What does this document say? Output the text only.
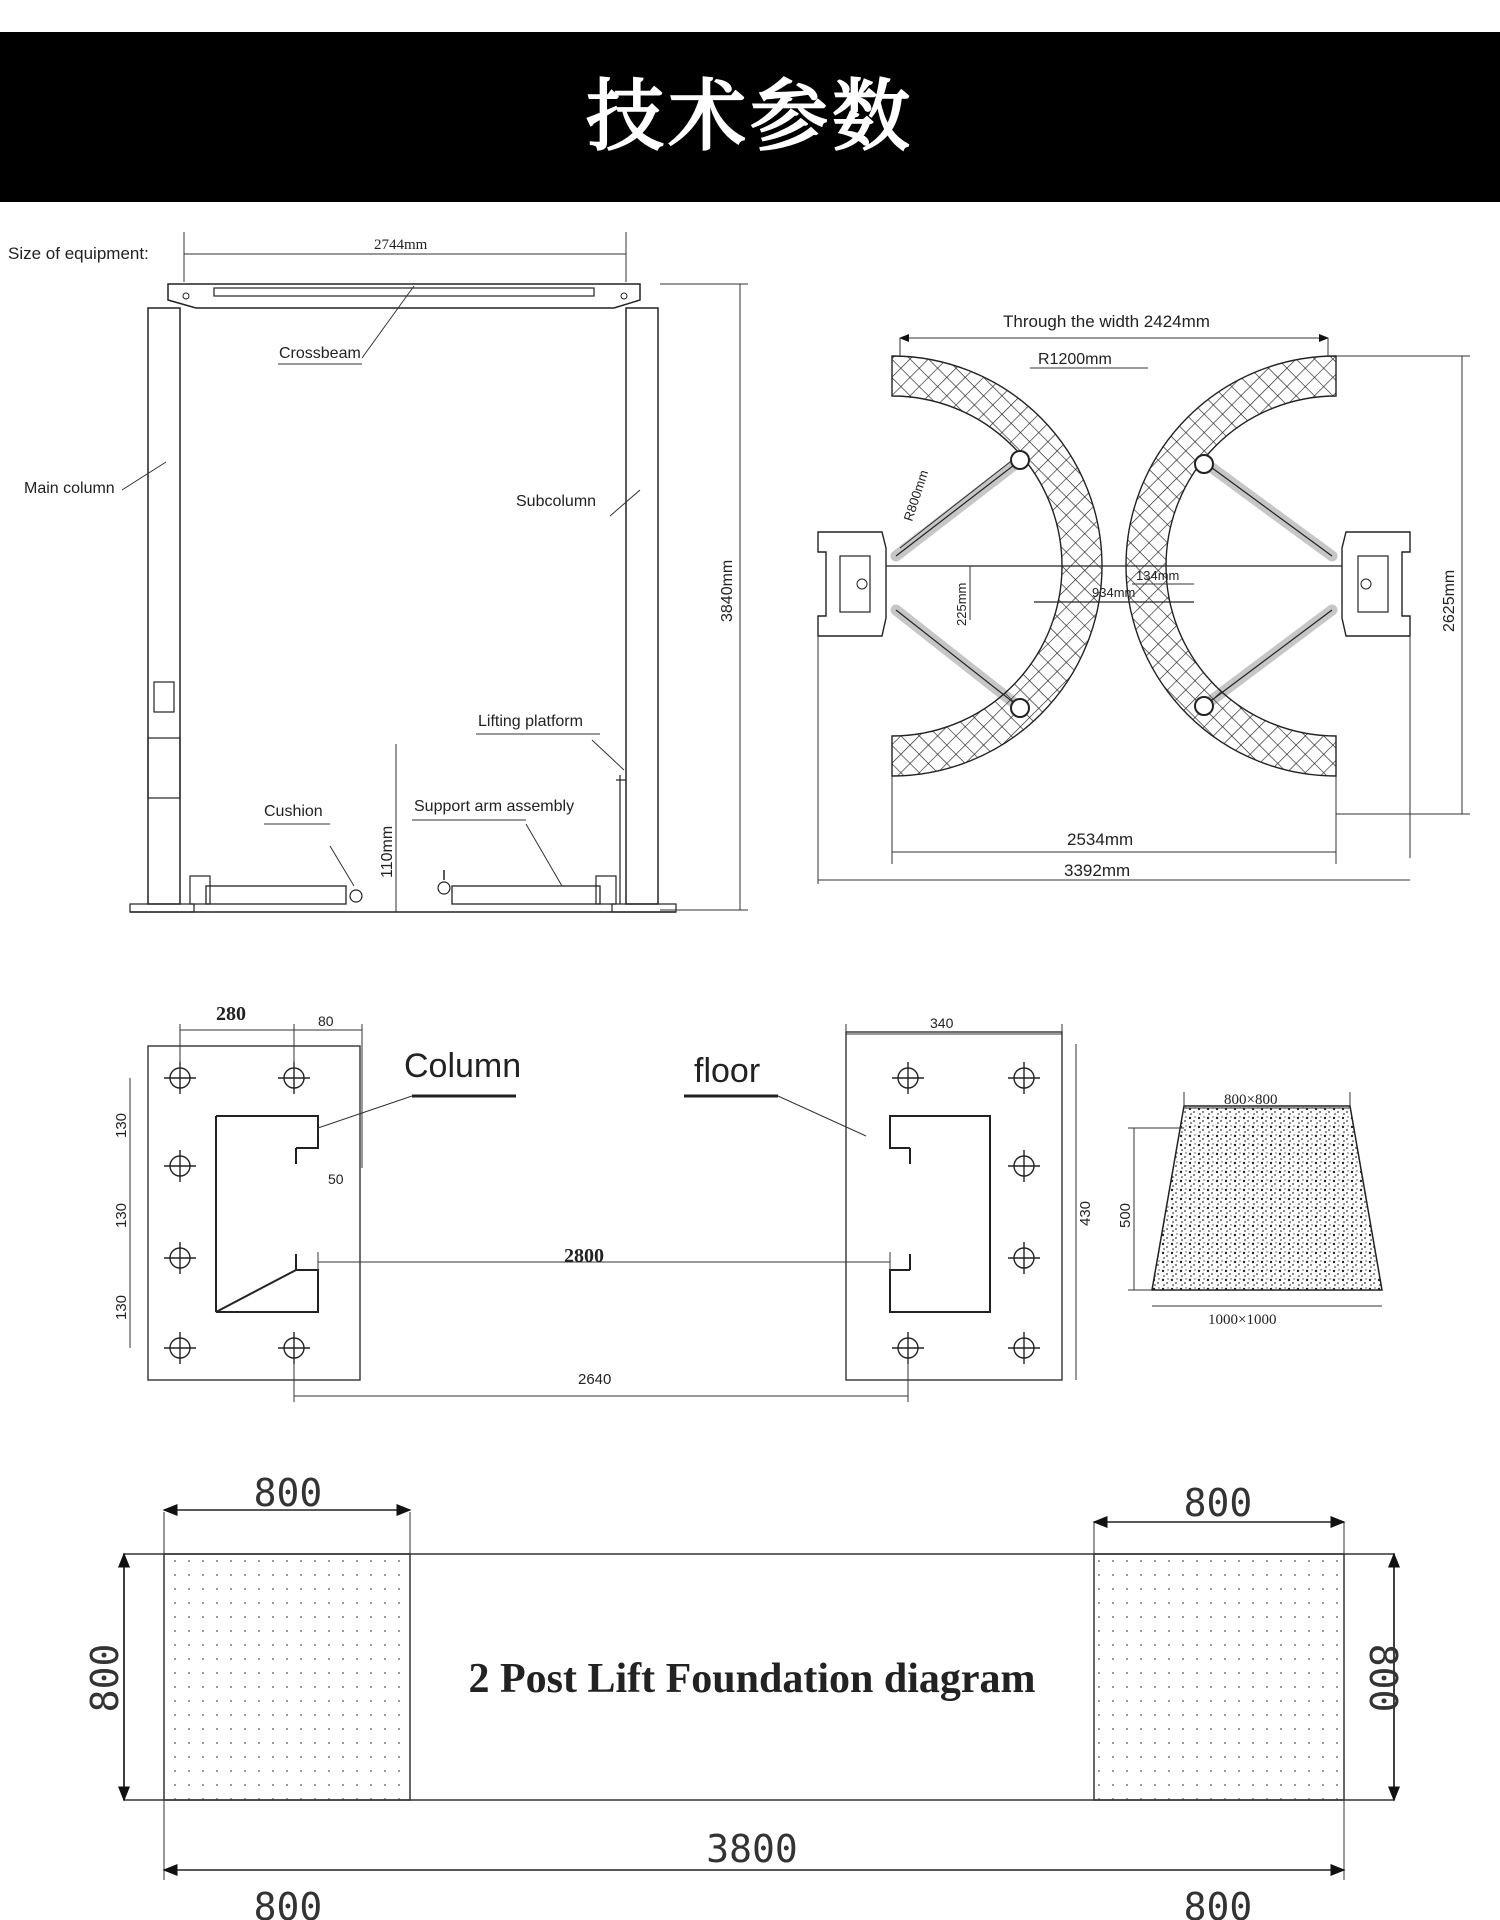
技术参数
Size of equipment:	2744mm
Crossbeam
Main column
Subcolumn
3840mm
Lifting platform
Cushion
110mm
Support arm assembly
Through the width 2424mm
R1200mm
R800mm
134mm
934mm
225mm	2625mm
2534mm
3392mm
280	80
50
130
130
130
Column	floor
340
430
2800
2640
800×800
1000×1000
500
2 Post Lift Foundation diagram
800	800
800	800
3800
800	800
